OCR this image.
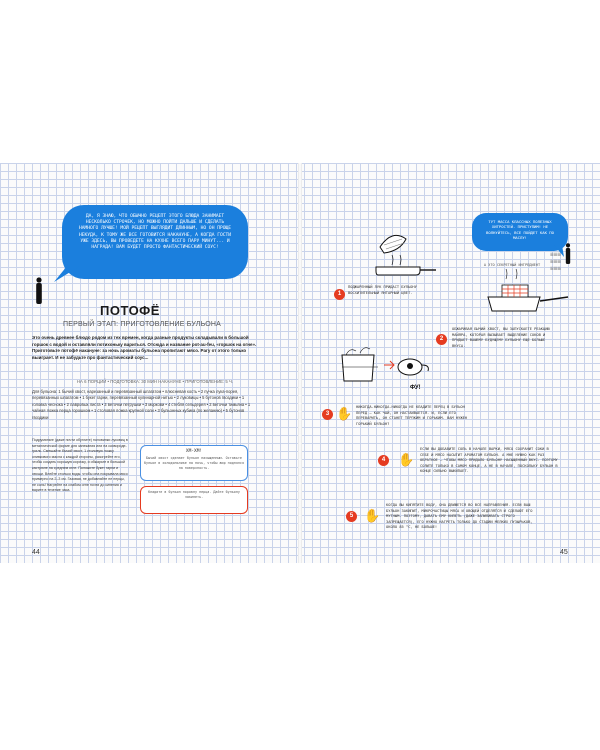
ДА, Я ЗНАЮ, ЧТО ОБЫЧНО РЕЦЕПТ ЭТОГО БЛЮДА ЗАНИМАЕТ НЕСКОЛЬКО СТРОЧЕК, НО МОЖНО ПОЙТИ ДАЛЬШЕ И СДЕЛАТЬ НАМНОГО ЛУЧШЕ! МОЙ РЕЦЕПТ ВЫГЛЯДИТ ДЛИННЫМ, НО ОН ПРОЩЕ НЕКУДА, К ТОМУ ЖЕ ВСЕ ГОТОВИТСЯ НАКАНУНЕ, А КОГДА ГОСТИ УЖЕ ЗДЕСЬ, ВЫ ПРОВЕДЕТЕ НА КУХНЕ ВСЕГО ПАРУ МИНУТ... И НАГРАДА! ВАМ БУДЕТ ПРОСТО ФАНТАСТИЧЕСКИЙ СОУС!
ПОТОФЁ
ПЕРВЫЙ ЭТАП: ПРИГОТОВЛЕНИЕ БУЛЬОНА
Это очень древнее блюдо родом из тех времен, когда разные продукты складывали в большой горшок с водой и оставляли потихоньку вариться. Отсюда и название pot-au-feu, «горшок на огне». Приготовьте потофё накануне: за ночь ароматы бульона пропитают мясо. Рагу от этого только выиграет. И не забудьте про фантастический соус...
НА 6 ПОРЦИЙ • ПОДГОТОВКА: 30 МИН НАКАНУНЕ • ПРИГОТОВЛЕНИЕ: 5 Ч.
Для бульона: 1 бычий хвост, нарезанный и перевязанный шпагатом • плюсневая кость • 2 пучка лука-порея, перевязанных шпагатом • 1 букет гарни, перевязанный кулинарной нитью • 2 луковицы • 5 бутонов гвоздики • 1 головка чеснока • 2 лавровых листа • 3 веточки петрушки • 3 моркови • 4 стебля сельдерея • 2 веточки тимьяна • 1 чайная ложка перца горошком • 1 столовая ложка крупной соли • 3 бульонных кубика (по желанию) • 5 бутонов гвоздики
Подрумяньте (даже почти обуглите) половинки луковиц в металлической форме для запекания или на сковороде-гриль. Смешайте бычий хвост, 1 столовую ложку оливкового масла с каждой стороны, разогрейте его, чтобы создать хорошую корочку, и обжарьте в большой кастрюле на среднем огне. Положите букет гарни и овощи. Влейте столько воды, чтобы она покрывала мясо примерно на 2–3 см. Газовая, не добавляйте не перцы, не соль! Нагрейте на слабом огне почти до кипения и варите в течение часа.
ХМ-ХМ!
Бычий хвост сделает бульон насыщенным. Оставьте бульон в холодильнике на ночь, чтобы жир поднялся на поверхность.
Кладите в бульон поровну перца. Дайте бульону закипеть.
44
ТУТ МАССА КЛАССНЫХ ПОЛЕЗНЫХ ХИТРОСТЕЙ. ПРИСТУПИМ! НЕ ВОЛНУЙТЕСЬ, ВСЕ ПОЙДЕТ КАК ПО МАСЛУ!
А ЭТО СЕКРЕТНЫЙ ИНГРЕДИЕНТ
≡≡≡
≡≡≡
≡≡≡
1
ПОДЖАРЕННЫЙ ЛУК ПРИДАСТ БУЛЬОНУ ВОСХИТИТЕЛЬНЫЙ ЯНТАРНЫЙ ЦВЕТ.
2
ОБЖАРИВАЯ БЫЧИЙ ХВОСТ, ВЫ ЗАПУСКАЕТЕ РЕАКЦИЮ МАЙЯРА, КОТОРАЯ ВЫЗЫВАЕТ ВЫДЕЛЕНИЕ СОКОВ И ПРИДАЕТ ВАШЕМУ БУДУЩЕМУ БУЛЬОНУ ЕЩЕ БОЛЬШЕ ВКУСА.
ФУ!
✋
3
НИКОГДА-НИКОГДА-НИКОГДА НЕ КЛАДИТЕ ПЕРЕЦ В БУЛЬОН ПЕРЕД — КАК ЧАЙ, ОН НАСТАИВАЕТСЯ. И, ЕСЛИ ЕГО ПЕРЕВАРИТЬ, ОН СТАНЕТ ТЕРПКИМ И ГОРЬКИМ. ВАМ НУЖЕН ГОРЬКИЙ БУЛЬОН?
✋
4
ЕСЛИ ВЫ ДОБАВИТЕ СОЛЬ В НАЧАЛЕ ВАРКИ, МЯСО СОХРАНИТ СОКИ В СЕБЕ И МЯСО НАСЫТИТ АРОМАТОМ БУЛЬОН. А МНЕ НУЖНО КАК РАЗ ОБРАТНОЕ — ЧТОБЫ МЯСО ПРИДАЛО БУЛЬОНУ НАСЫЩЕННЫЙ ВКУС. ПОЭТОМУ СОЛИТЕ ТОЛЬКО В САМОМ КОНЦЕ, А НЕ В НАЧАЛЕ, ПОСКОЛЬКУ БУЛЬОН В КОНЦЕ СИЛЬНО ВЫКИПАЕТ.
✋
5
КОГДА ВЫ КИПЯТИТЕ ВОДУ, ОНА ДВИЖЕТСЯ ВО ВСЕ НАПРАВЛЕНИЯ. ЕСЛИ ВАШ БУЛЬОН ЗАКИПИТ, МИКРОЧАСТИЦЫ МЯСА И ОВОЩЕЙ ОТДЕЛЯТСЯ И СДЕЛАЮТ ЕГО МУТНЫМ. ПОЭТОМУ, ДАВАТЬ ЕМУ КИПЕТЬ (ДАЖЕ ЗАПИЛИВАТЬ СТРОГО ЗАПРЕЩАЕТСЯ), ЕГО НУЖНО НАГРЕТЬ ТОЛЬКО ДО СТАДИИ МЕЛКИХ ПУЗЫРЬКОВ, ОКОЛО 85 °C, НЕ БОЛЬШЕ!
45
